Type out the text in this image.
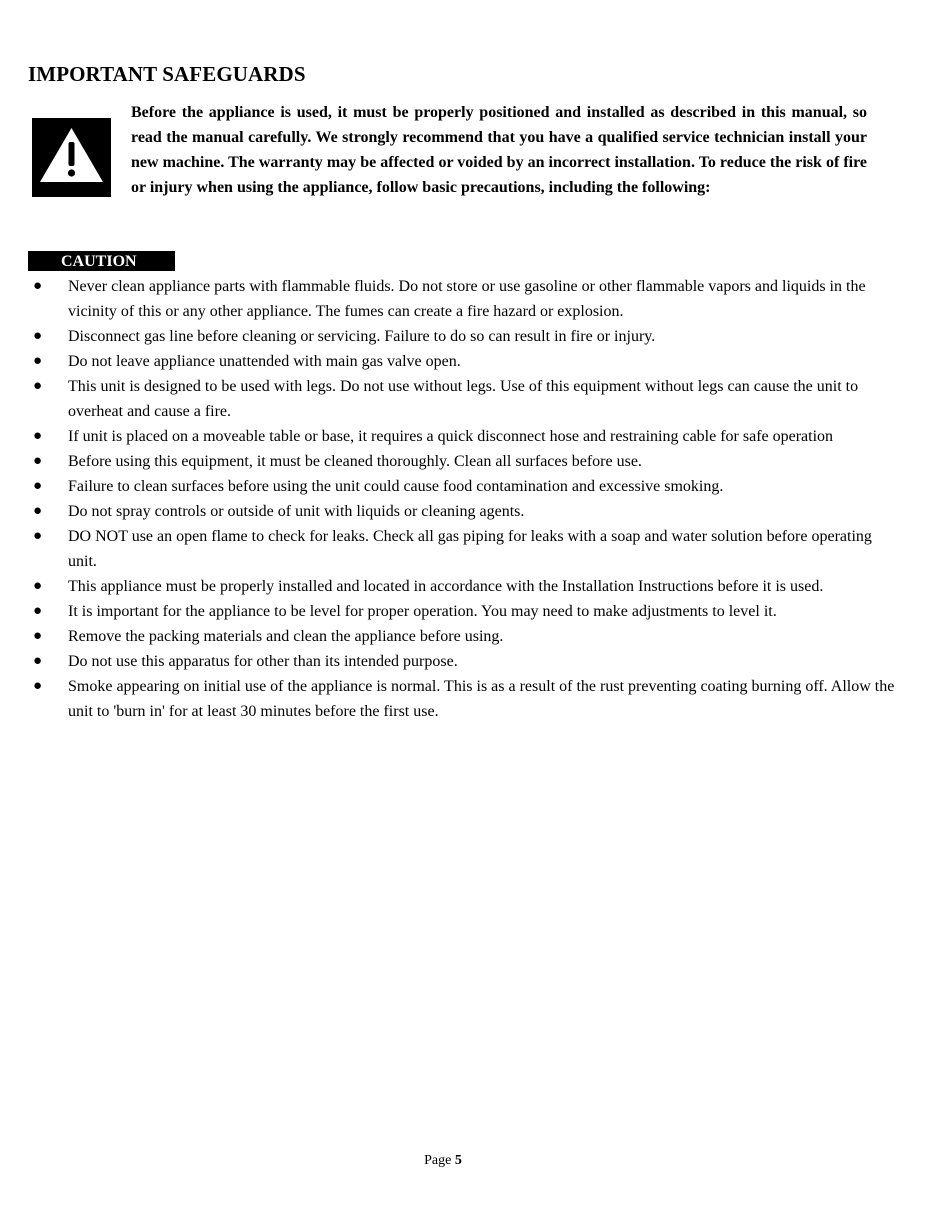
IMPORTANT SAFEGUARDS

Before the appliance is used, it must be properly positioned and installed as described in this manual, so read the manual carefully. We strongly recommend that you have a qualified service technician install your new machine. The warranty may be affected or voided by an incorrect installation. To reduce the risk of fire or injury when using the appliance, follow basic precautions, including the following:

CAUTION
● Never clean appliance parts with flammable fluids. Do not store or use gasoline or other flammable vapors and liquids in the vicinity of this or any other appliance. The fumes can create a fire hazard or explosion.
● Disconnect gas line before cleaning or servicing. Failure to do so can result in fire or injury.
● Do not leave appliance unattended with main gas valve open.
● This unit is designed to be used with legs. Do not use without legs. Use of this equipment without legs can cause the unit to overheat and cause a fire.
● If unit is placed on a moveable table or base, it requires a quick disconnect hose and restraining cable for safe operation
● Before using this equipment, it must be cleaned thoroughly. Clean all surfaces before use.
● Failure to clean surfaces before using the unit could cause food contamination and excessive smoking.
● Do not spray controls or outside of unit with liquids or cleaning agents.
● DO NOT use an open flame to check for leaks. Check all gas piping for leaks with a soap and water solution before operating unit.
● This appliance must be properly installed and located in accordance with the Installation Instructions before it is used.
● It is important for the appliance to be level for proper operation. You may need to make adjustments to level it.
● Remove the packing materials and clean the appliance before using.
● Do not use this apparatus for other than its intended purpose.
● Smoke appearing on initial use of the appliance is normal. This is as a result of the rust preventing coating burning off. Allow the unit to 'burn in' for at least 30 minutes before the first use.
Page 5
